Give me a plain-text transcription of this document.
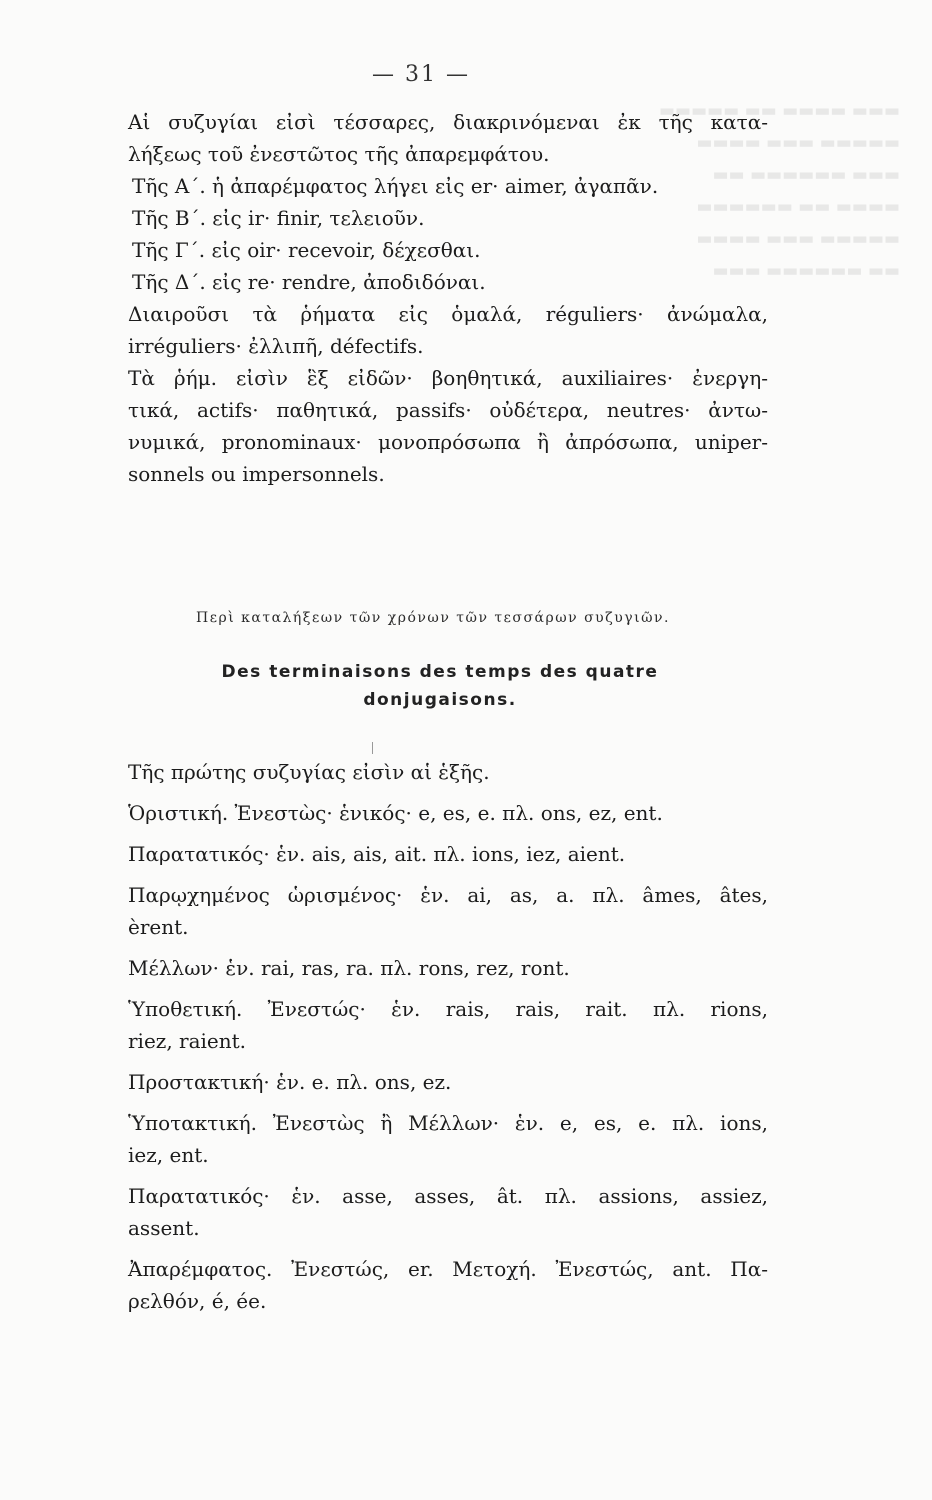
▬▬▬ ▬▬▬▬ ▬▬ ▬▬▬▬▬
▬▬▬▬▬ ▬▬▬ ▬▬▬▬
▬▬▬ ▬▬▬▬▬▬ ▬▬
▬▬▬▬ ▬▬ ▬▬▬▬▬▬
▬▬▬▬▬ ▬▬▬ ▬▬▬▬
▬▬ ▬▬▬▬▬▬ ▬▬▬
— 31 —
Αἱ συζυγίαι εἰσὶ τέσσαρες, διακρινόμεναι ἐκ τῆς κατα-
λήξεως τοῦ ἐνεστῶτος τῆς ἀπαρεμφάτου.
Τῆς Α΄. ἡ ἀπαρέμφατος λήγει εἰς er· aimer, ἀγαπᾶν.
Τῆς Β΄. εἰς ir· finir, τελειοῦν.
Τῆς Γ΄. εἰς oir· recevoir, δέχεσθαι.
Τῆς Δ΄. εἰς re· rendre, ἀποδιδόναι.
Διαιροῦσι τὰ ῥήματα εἰς ὁμαλά, réguliers· ἀνώμαλα,
irréguliers· ἐλλιπῆ, défectifs.
Τὰ ῥήμ. εἰσὶν ἓξ εἰδῶν· βοηθητικά, auxiliaires· ἐνεργη-
τικά, actifs· παθητικά, passifs· οὐδέτερα, neutres· ἀντω-
νυμικά, pronominaux· μονοπρόσωπα ἢ ἀπρόσωπα, uniper-
sonnels ou impersonnels.
Περὶ καταλήξεων τῶν χρόνων τῶν τεσσάρων συζυγιῶν.
Des terminaisons des temps des quatre
donjugaisons.
Τῆς πρώτης συζυγίας εἰσὶν αἱ ἑξῆς.
Ὁριστική. Ἐνεστὼς· ἑνικός· e, es, e. πλ. ons, ez, ent.
Παρατατικός· ἑν. ais, ais, ait. πλ. ions, iez, aient.
Παρῳχημένος ὡρισμένος· ἑν. ai, as, a. πλ. âmes, âtes,
èrent.
Μέλλων· ἑν. rai, ras, ra. πλ. rons, rez, ront.
Ὑποθετική. Ἐνεστώς· ἑν. rais, rais, rait. πλ. rions,
riez, raient.
Προστακτική· ἑν. e. πλ. ons, ez.
Ὑποτακτική. Ἐνεστὼς ἢ Μέλλων· ἑν. e, es, e. πλ. ions,
iez, ent.
Παρατατικός· ἑν. asse, asses, ât. πλ. assions, assiez,
assent.
Ἀπαρέμφατος. Ἐνεστώς, er. Μετοχή. Ἐνεστώς, ant. Πα-
ρελθόν, é, ée.
